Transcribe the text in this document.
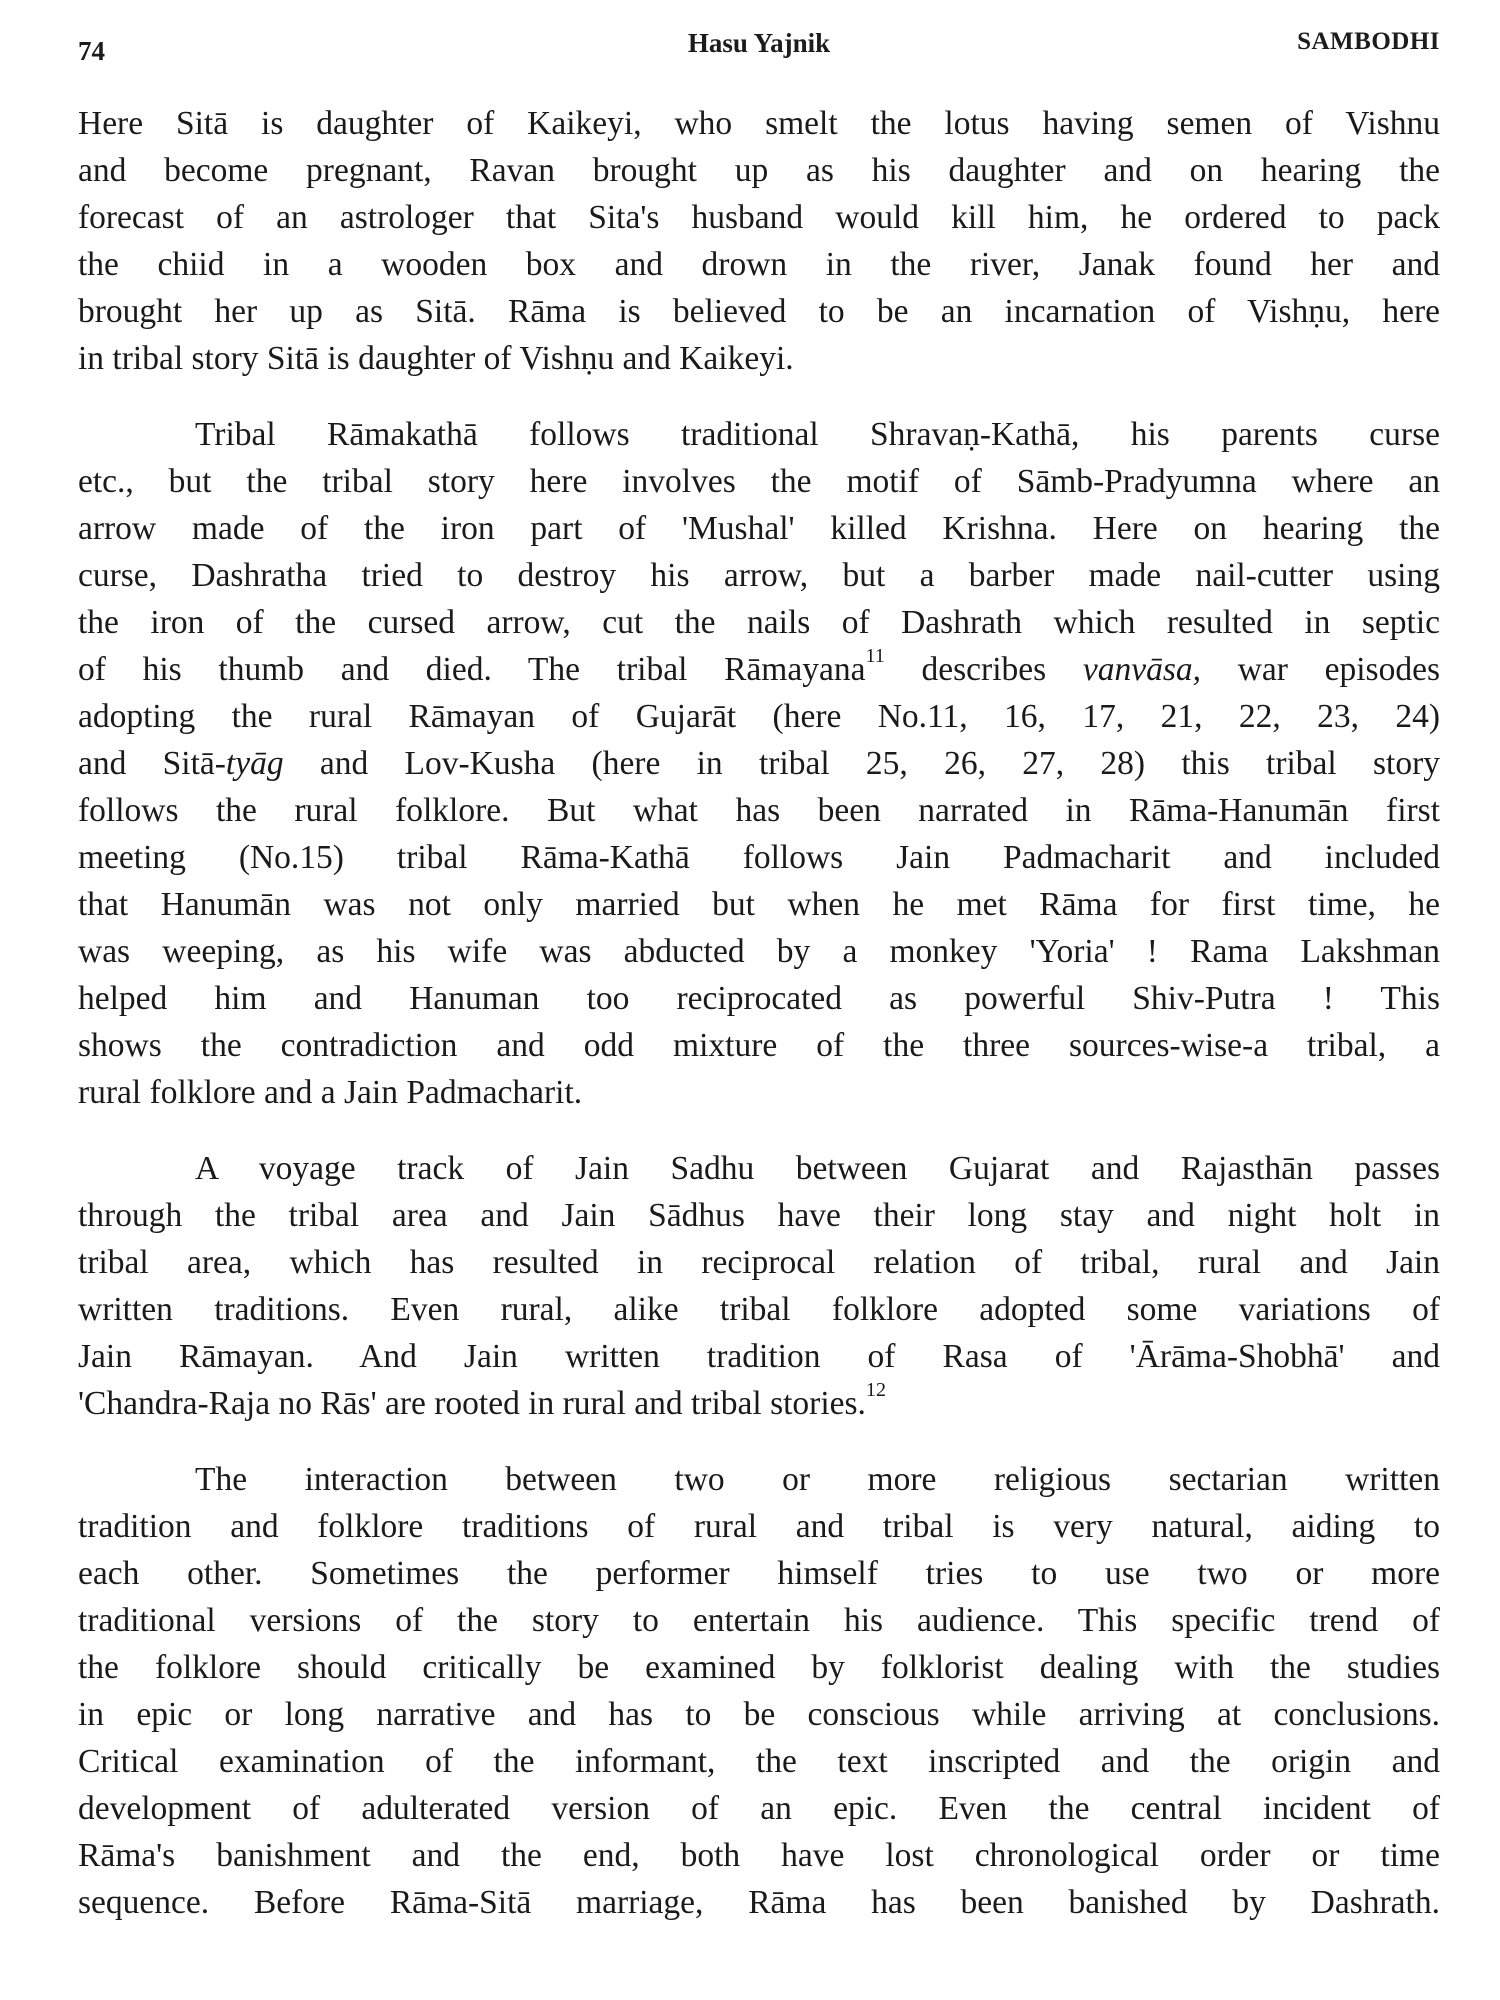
74	Hasu Yajnik	SAMBODHI

Here Sitā is daughter of Kaikeyi, who smelt the lotus having semen of Vishnu
and become pregnant, Ravan brought up as his daughter and on hearing the
forecast of an astrologer that Sita's husband would kill him, he ordered to pack
the chiid in a wooden box and drown in the river, Janak found her and
brought her up as Sitā. Rāma is believed to be an incarnation of Vishṇu, here
in tribal story Sitā is daughter of Vishṇu and Kaikeyi.

Tribal Rāmakathā follows traditional Shravaṇ-Kathā, his parents curse
etc., but the tribal story here involves the motif of Sāmb-Pradyumna where an
arrow made of the iron part of 'Mushal' killed Krishna. Here on hearing the
curse, Dashratha tried to destroy his arrow, but a barber made nail-cutter using
the iron of the cursed arrow, cut the nails of Dashrath which resulted in septic
of his thumb and died. The tribal Rāmayana$^{11}$ describes vanvāsa, war episodes
adopting the rural Rāmayan of Gujarāt (here No.11, 16, 17, 21, 22, 23, 24)
and Sitā-tyāg and Lov-Kusha (here in tribal 25, 26, 27, 28) this tribal story
follows the rural folklore. But what has been narrated in Rāma-Hanumān first
meeting (No.15) tribal Rāma-Kathā follows Jain Padmacharit and included
that Hanumān was not only married but when he met Rāma for first time, he
was weeping, as his wife was abducted by a monkey 'Yoria' ! Rama Lakshman
helped him and Hanuman too reciprocated as powerful Shiv-Putra ! This
shows the contradiction and odd mixture of the three sources-wise-a tribal, a
rural folklore and a Jain Padmacharit.

A voyage track of Jain Sadhu between Gujarat and Rajasthān passes
through the tribal area and Jain Sādhus have their long stay and night holt in
tribal area, which has resulted in reciprocal relation of tribal, rural and Jain
written traditions. Even rural, alike tribal folklore adopted some variations of
Jain Rāmayan. And Jain written tradition of Rasa of 'Ārāma-Shobhā' and
'Chandra-Raja no Rās' are rooted in rural and tribal stories.$^{12}$

The interaction between two or more religious sectarian written
tradition and folklore traditions of rural and tribal is very natural, aiding to
each other. Sometimes the performer himself tries to use two or more
traditional versions of the story to entertain his audience. This specific trend of
the folklore should critically be examined by folklorist dealing with the studies
in epic or long narrative and has to be conscious while arriving at conclusions.
Critical examination of the informant, the text inscripted and the origin and
development of adulterated version of an epic. Even the central incident of
Rāma's banishment and the end, both have lost chronological order or time
sequence. Before Rāma-Sitā marriage, Rāma has been banished by Dashrath.
